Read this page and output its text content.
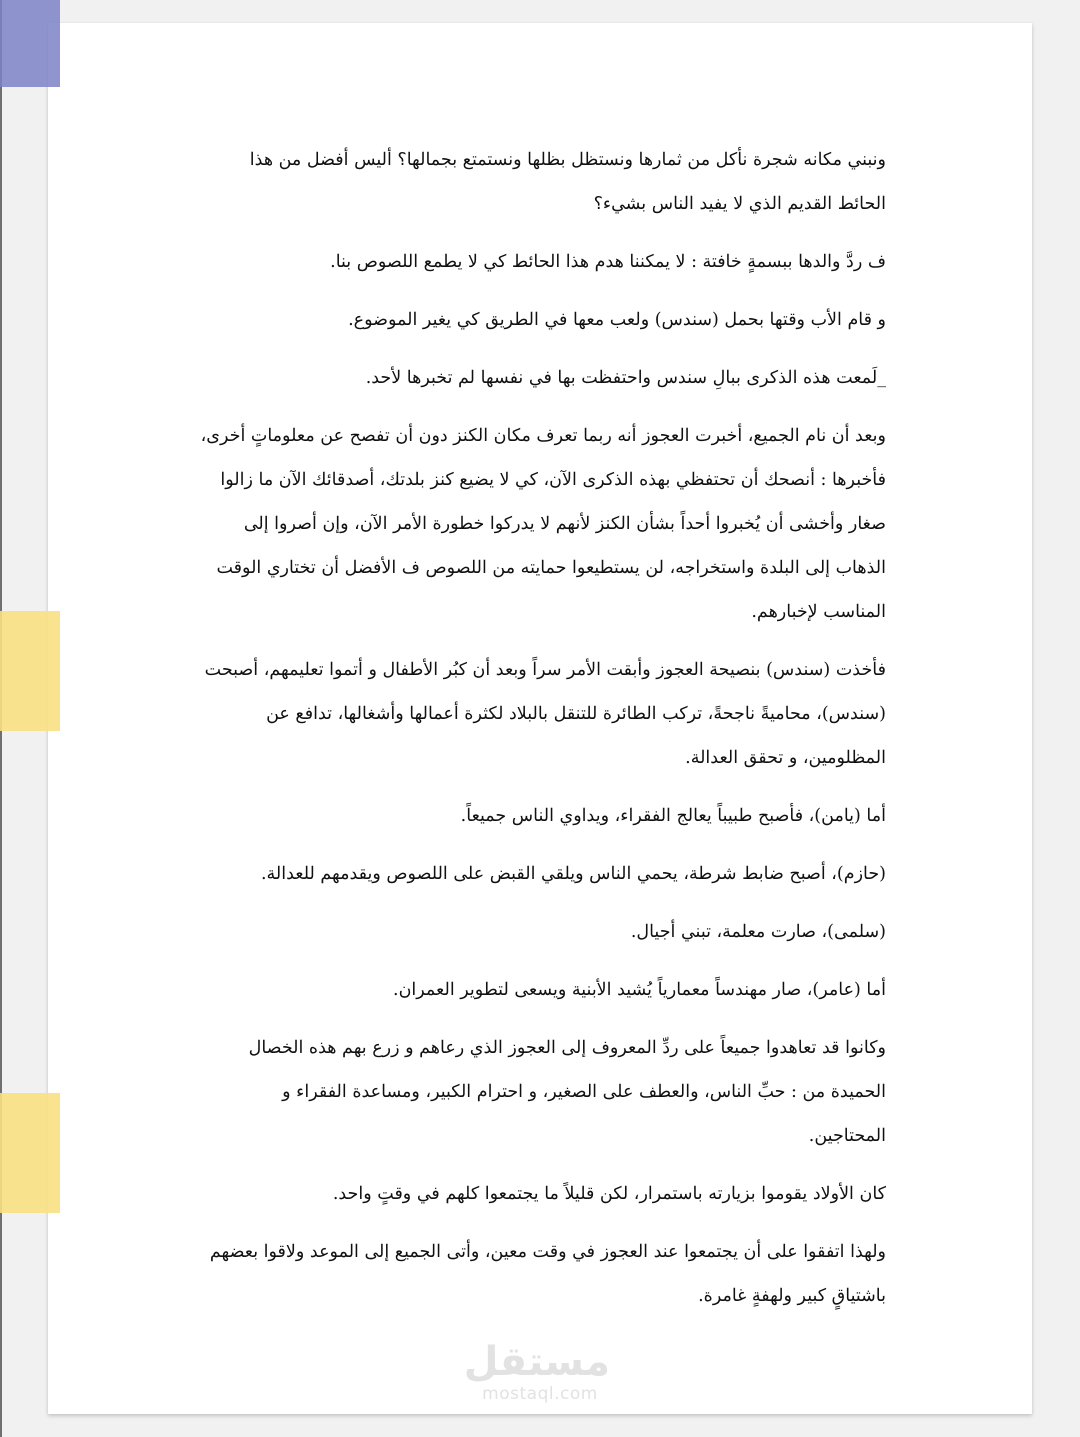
ونبني مكانه شجرة نأكل من ثمارها ونستظل بظلها ونستمتع بجمالها؟ أليس أفضل من هذا الحائط القديم الذي لا يفيد الناس بشيء؟

ف ردَّ والدها ببسمةٍ خافتة : لا يمكننا هدم هذا الحائط كي لا يطمع اللصوص بنا.

و قام الأب وقتها بحمل (سندس) ولعب معها في الطريق كي يغير الموضوع.

_لَمعت هذه الذكرى ببالِ سندس واحتفظت بها في نفسها لم تخبرها لأحد.

وبعد أن نام الجميع، أخبرت العجوز أنه ربما تعرف مكان الكنز دون أن تفصح عن معلوماتٍ أخرى، فأخبرها : أنصحك أن تحتفظي بهذه الذكرى الآن، كي لا يضيع كنز بلدتك، أصدقائك الآن ما زالوا صغار وأخشى أن يُخبروا أحداً بشأن الكنز لأنهم لا يدركوا خطورة الأمر الآن، وإن أصروا إلى الذهاب إلى البلدة واستخراجه، لن يستطيعوا حمايته من اللصوص ف الأفضل أن تختاري الوقت المناسب لإخبارهم.

فأخذت (سندس) بنصيحة العجوز وأبقت الأمر سراً وبعد أن كبُر الأطفال و أتموا تعليمهم، أصبحت (سندس)، محاميةً ناجحةً، تركب الطائرة للتنقل بالبلاد لكثرة أعمالها وأشغالها، تدافع عن المظلومين، و تحقق العدالة.

أما (يامن)، فأصبح طبيباً يعالج الفقراء، ويداوي الناس جميعاً.

(حازم)، أصبح ضابط شرطة، يحمي الناس ويلقي القبض على اللصوص ويقدمهم للعدالة.

(سلمى)، صارت معلمة، تبني أجيال.

أما (عامر)، صار مهندساً معمارياً يُشيد الأبنية ويسعى لتطوير العمران.

وكانوا قد تعاهدوا جميعاً على ردِّ المعروف إلى العجوز الذي رعاهم و زرع بهم هذه الخصال الحميدة من : حبِّ الناس، والعطف على الصغير، و احترام الكبير، ومساعدة الفقراء و المحتاجين.

كان الأولاد يقوموا بزيارته باستمرار، لكن قليلاً ما يجتمعوا كلهم في وقتٍ واحد.

ولهذا اتفقوا على أن يجتمعوا عند العجوز في وقت معين، وأتى الجميع إلى الموعد ولاقوا بعضهم باشتياقٍ كبير ولهفةٍ غامرة.

مستقل
mostaql.com
